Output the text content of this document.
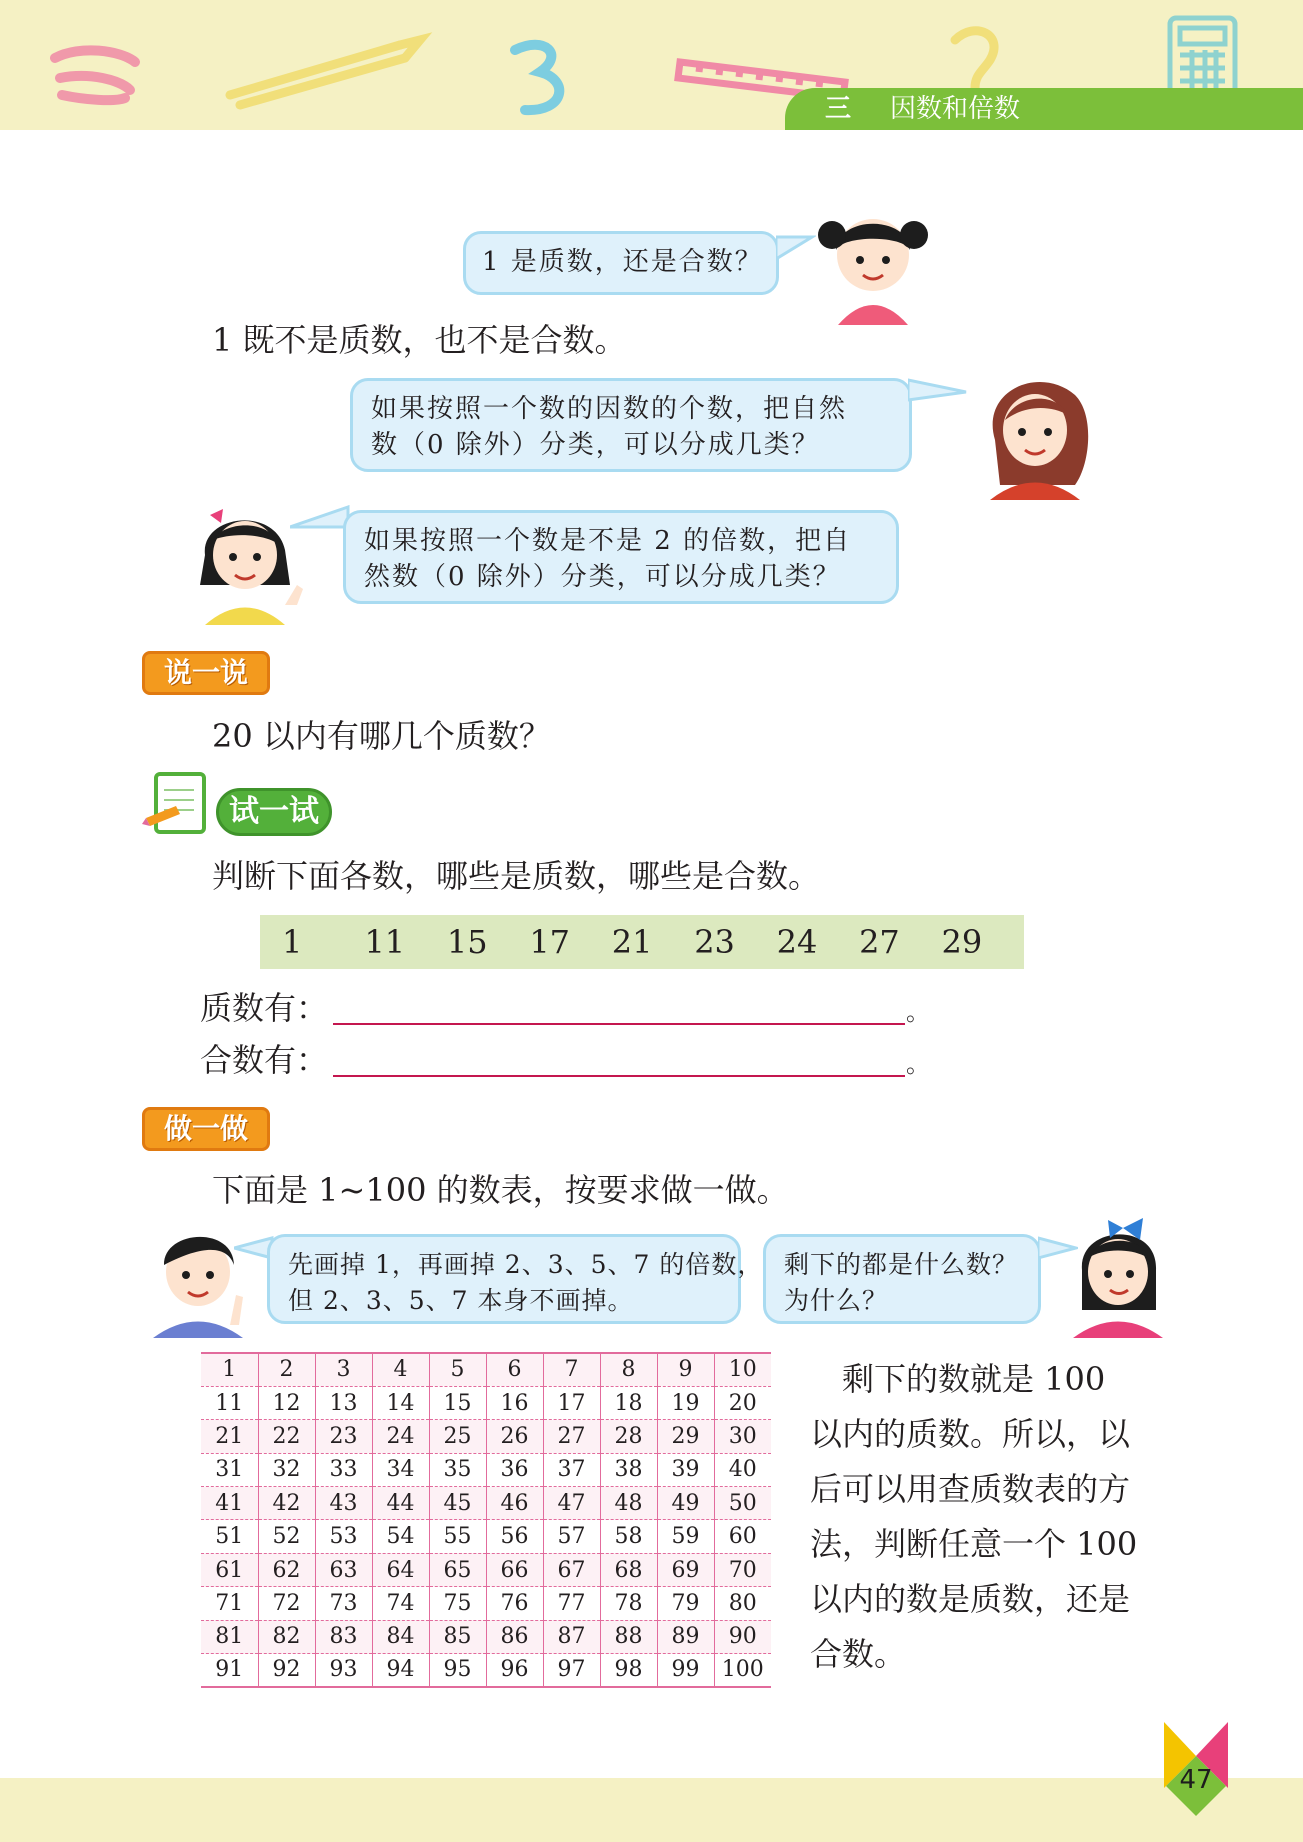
三 因数和倍数
1 是质数，还是合数？
1 既不是质数，也不是合数。
如果按照一个数的因数的个数，把自然
数（0 除外）分类，可以分成几类？
如果按照一个数是不是 2 的倍数，把自
然数（0 除外）分类，可以分成几类？
说一说
20 以内有哪几个质数？
试一试
判断下面各数，哪些是质数，哪些是合数。
1	11	15	17	21	23	24	27	29
质数有：	。
合数有：	。
做一做
下面是 1~100 的数表，按要求做一做。
先画掉 1，再画掉 2、3、5、7 的倍数，
但 2、3、5、7 本身不画掉。
剩下的都是什么数？
为什么？
1	2	3	4	5	6	7	8	9	10
11	12	13	14	15	16	17	18	19	20
21	22	23	24	25	26	27	28	29	30
31	32	33	34	35	36	37	38	39	40
41	42	43	44	45	46	47	48	49	50
51	52	53	54	55	56	57	58	59	60
61	62	63	64	65	66	67	68	69	70
71	72	73	74	75	76	77	78	79	80
81	82	83	84	85	86	87	88	89	90
91	92	93	94	95	96	97	98	99	100
　剩下的数就是 100
以内的质数。所以，以
后可以用查质数表的方
法，判断任意一个 100
以内的数是质数，还是
合数。
47
